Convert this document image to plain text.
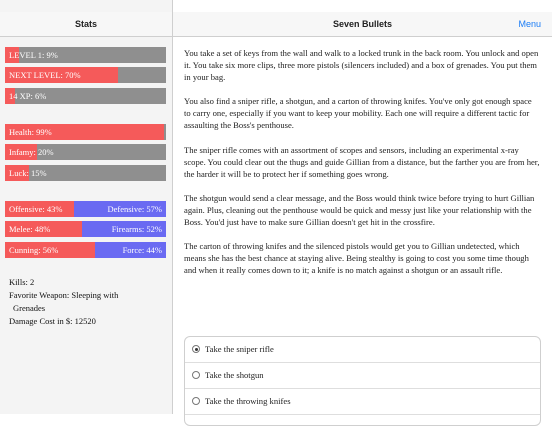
Stats
LEVEL 1: 9%
NEXT LEVEL: 70%
14 XP: 6%
Health: 99%
Infamy: 20%
Luck: 15%
Offensive: 43%	Defensive: 57%
Melee: 48%	Firearms: 52%
Cunning: 56%	Force: 44%
Kills: 2
Favorite Weapon: Sleeping with
Grenades
Damage Cost in $: 12520
Seven Bullets	Menu

You take a set of keys from the wall and walk to a locked trunk in the back room. You unlock and open it. You take six more clips, three more pistols (silencers included) and a box of grenades. You put them in your bag.

You also find a sniper rifle, a shotgun, and a carton of throwing knifes. You've only got enough space to carry one, especially if you want to keep your mobility. Each one will require a different tactic for assaulting the Boss's penthouse.

The sniper rifle comes with an assortment of scopes and sensors, including an experimental x-ray scope. You could clear out the thugs and guide Gillian from a distance, but the farther you are from her, the harder it will be to protect her if something goes wrong.

The shotgun would send a clear message, and the Boss would think twice before trying to hurt Gillian again. Plus, cleaning out the penthouse would be quick and messy just like your relationship with the Boss. You'd just have to make sure Gillian doesn't get hit in the crossfire.

The carton of throwing knifes and the silenced pistols would get you to Gillian undetected, which means she has the best chance at staying alive. Being stealthy is going to cost you some time though and when it really comes down to it; a knife is no match against a shotgun or an assault rifle.

Take the sniper rifle
Take the shotgun
Take the throwing knifes
